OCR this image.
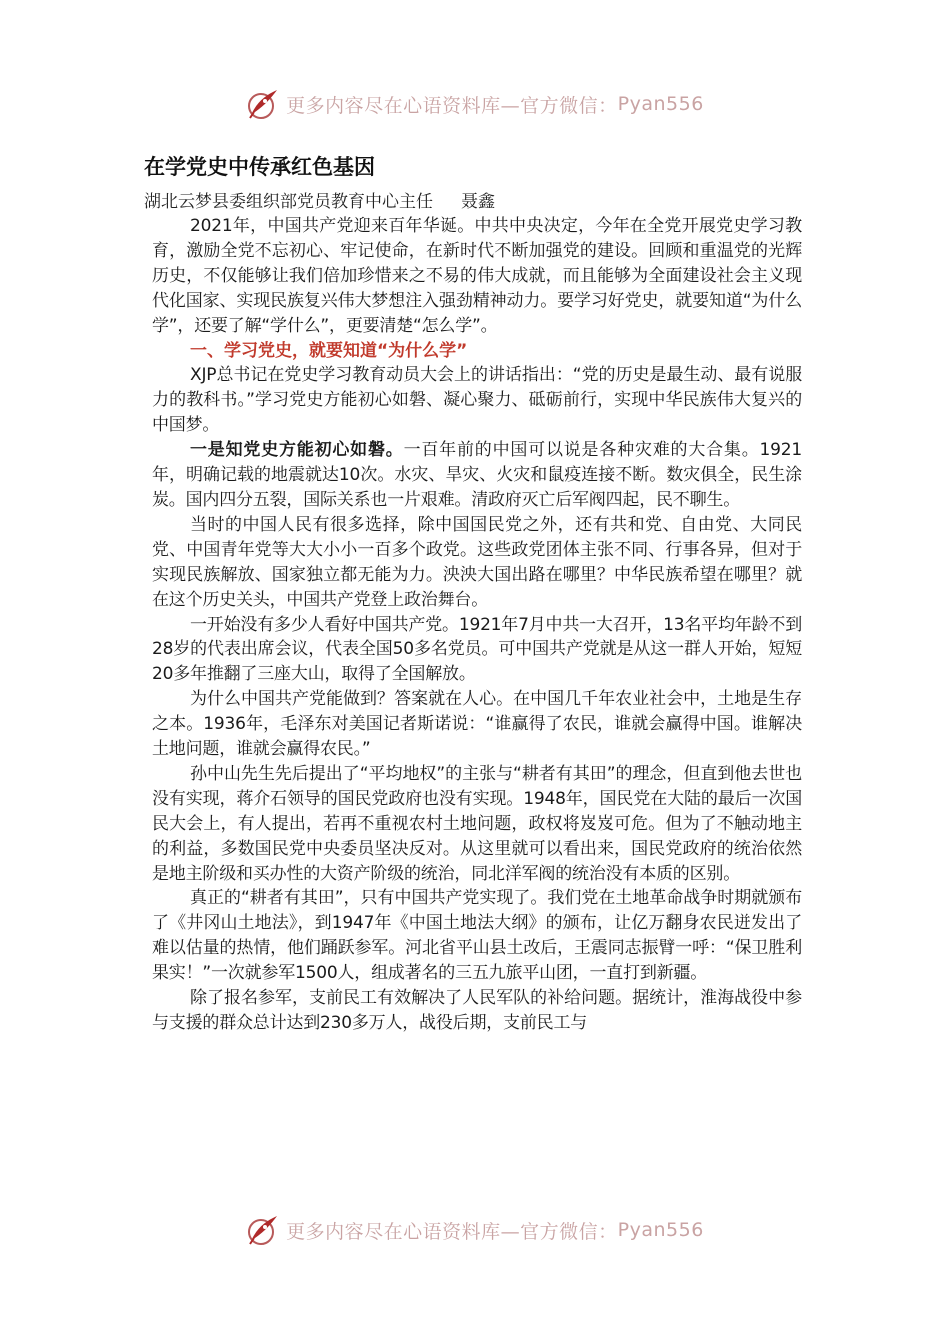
更多内容尽在心语资料库—官方微信： Pyan556
在学党史中传承红色基因
湖北云梦县委组织部党员教育中心主任 聂鑫

2021年，中国共产党迎来百年华诞。中共中央决定，今年在全党开展党史学习教育，激励全党不忘初心、牢记使命，在新时代不断加强党的建设。回顾和重温党的光辉历史，不仅能够让我们倍加珍惜来之不易的伟大成就，而且能够为全面建设社会主义现代化国家、实现民族复兴伟大梦想注入强劲精神动力。要学习好党史，就要知道“为什么学”，还要了解“学什么”，更要清楚“怎么学”。

一、学习党史，就要知道“为什么学”

XJP总书记在党史学习教育动员大会上的讲话指出：“党的历史是最生动、最有说服力的教科书。”学习党史方能初心如磐、凝心聚力、砥砺前行，实现中华民族伟大复兴的中国梦。

一是知党史方能初心如磐。一百年前的中国可以说是各种灾难的大合集。1921年，明确记载的地震就达10次。水灾、旱灾、火灾和鼠疫连接不断。数灾俱全，民生涂炭。国内四分五裂，国际关系也一片艰难。清政府灭亡后军阀四起，民不聊生。

当时的中国人民有很多选择，除中国国民党之外，还有共和党、自由党、大同民党、中国青年党等大大小小一百多个政党。这些政党团体主张不同、行事各异，但对于实现民族解放、国家独立都无能为力。泱泱大国出路在哪里？中华民族希望在哪里？就在这个历史关头，中国共产党登上政治舞台。

一开始没有多少人看好中国共产党。1921年7月中共一大召开，13名平均年龄不到28岁的代表出席会议，代表全国50多名党员。可中国共产党就是从这一群人开始，短短20多年推翻了三座大山，取得了全国解放。

为什么中国共产党能做到？答案就在人心。在中国几千年农业社会中，土地是生存之本。1936年，毛泽东对美国记者斯诺说：“谁赢得了农民，谁就会赢得中国。谁解决土地问题，谁就会赢得农民。”

孙中山先生先后提出了“平均地权”的主张与“耕者有其田”的理念，但直到他去世也没有实现，蒋介石领导的国民党政府也没有实现。1948年，国民党在大陆的最后一次国民大会上，有人提出，若再不重视农村土地问题，政权将岌岌可危。但为了不触动地主的利益，多数国民党中央委员坚决反对。从这里就可以看出来，国民党政府的统治依然是地主阶级和买办性的大资产阶级的统治，同北洋军阀的统治没有本质的区别。

真正的“耕者有其田”，只有中国共产党实现了。我们党在土地革命战争时期就颁布了《井冈山土地法》，到1947年《中国土地法大纲》的颁布，让亿万翻身农民迸发出了难以估量的热情，他们踊跃参军。河北省平山县土改后，王震同志振臂一呼：“保卫胜利果实！”一次就参军1500人，组成著名的三五九旅平山团，一直打到新疆。

除了报名参军，支前民工有效解决了人民军队的补给问题。据统计，淮海战役中参与支援的群众总计达到230多万人，战役后期，支前民工与

更多内容尽在心语资料库—官方微信： Pyan556
